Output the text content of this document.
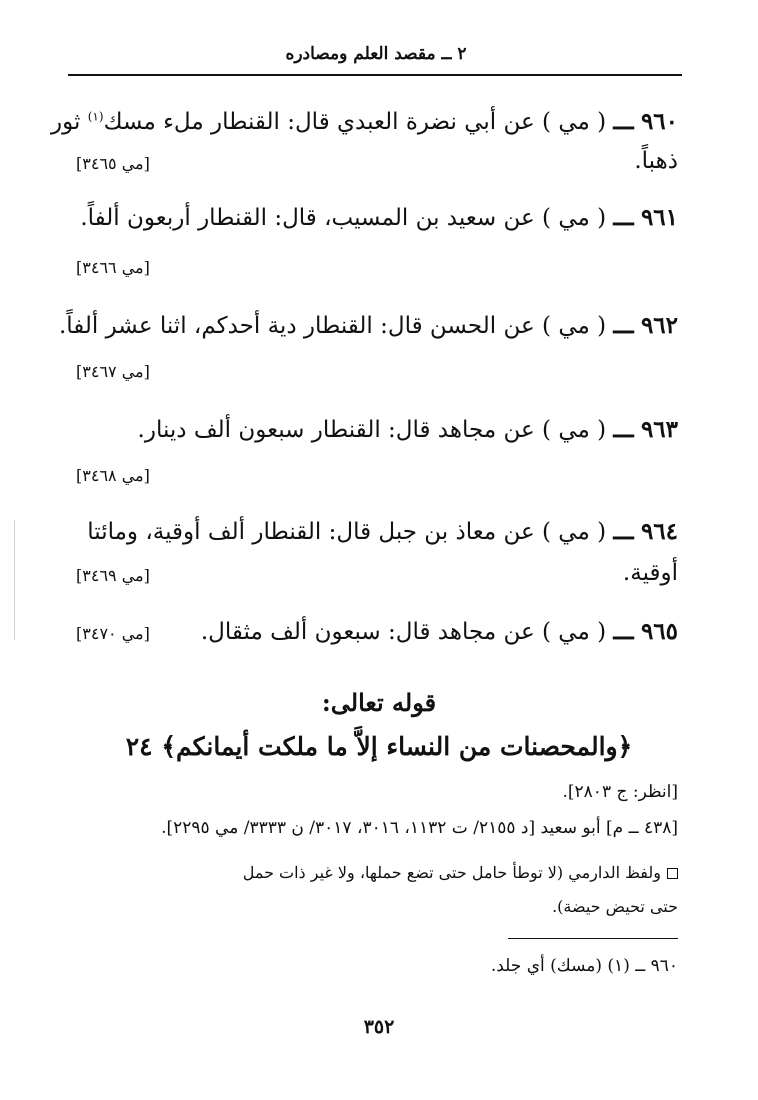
٢ ــ مقصد العلم ومصادره
٩٦٠ ـــ ( مي ) عن أبي نضرة العبدي قال: القنطار ملء مسك$^{(١)}$ ثور
ذهباً.
[مي ٣٤٦٥]
٩٦١ ـــ ( مي ) عن سعيد بن المسيب، قال: القنطار أربعون ألفاً.
[مي ٣٤٦٦]
٩٦٢ ـــ ( مي ) عن الحسن قال: القنطار دية أحدكم، اثنا عشر ألفاً.
[مي ٣٤٦٧]
٩٦٣ ـــ ( مي ) عن مجاهد قال: القنطار سبعون ألف دينار.
[مي ٣٤٦٨]
٩٦٤ ـــ ( مي ) عن معاذ بن جبل قال: القنطار ألف أوقية، ومائتا
أوقية.
[مي ٣٤٦٩]
٩٦٥ ـــ ( مي ) عن مجاهد قال: سبعون ألف مثقال.
[مي ٣٤٧٠]
قوله تعالى:
﴿والمحصنات من النساء إلاَّ ما ملكت أيمانكم﴾ ٢٤
[انظر: ج ٢٨٠٣].
[٤٣٨ ــ م] أبو سعيد [د ٢١٥٥/ ت ١١٣٢، ٣٠١٦، ٣٠١٧/ ن ٣٣٣٣/ مي ٢٢٩٥].
ولفظ الدارمي (لا توطأ حامل حتى تضع حملها، ولا غير ذات حمل
حتى تحيض حيضة).
٩٦٠ ــ (١) (مسك) أي جلد.
٣٥٢
